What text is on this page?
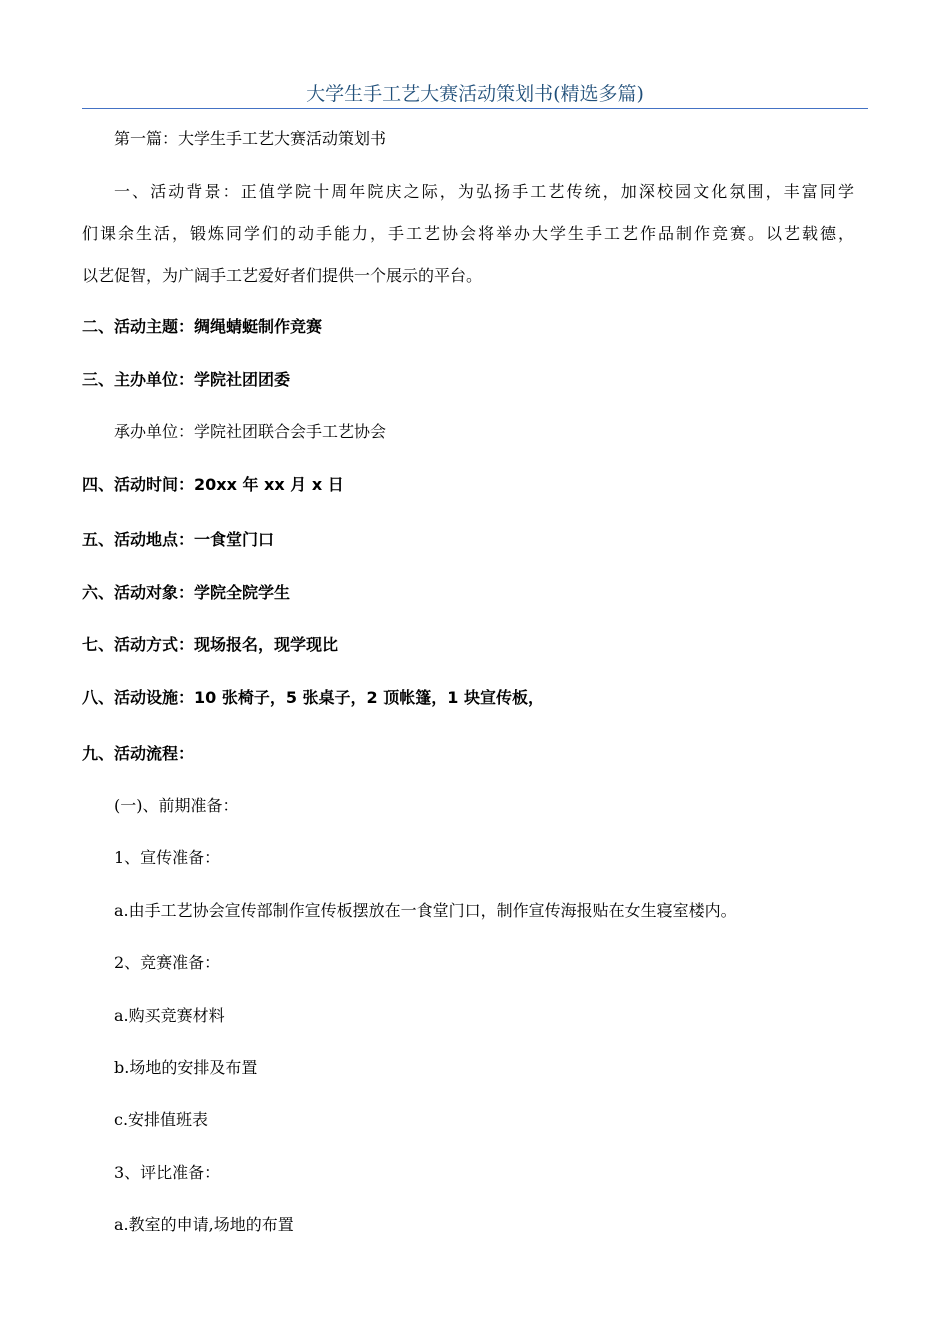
大学生手工艺大赛活动策划书(精选多篇)
第一篇：大学生手工艺大赛活动策划书
一、活动背景：正值学院十周年院庆之际，为弘扬手工艺传统，加深校园文化氛围，丰富同学
们课余生活，锻炼同学们的动手能力，手工艺协会将举办大学生手工艺作品制作竞赛。以艺载德，
以艺促智，为广阔手工艺爱好者们提供一个展示的平台。
二、活动主题：绸绳蜻蜓制作竞赛
三、主办单位：学院社团团委
承办单位：学院社团联合会手工艺协会
四、活动时间：20xx 年 xx 月 x 日
五、活动地点：一食堂门口
六、活动对象：学院全院学生
七、活动方式：现场报名，现学现比
八、活动设施：10 张椅子，5 张桌子，2 顶帐篷，1 块宣传板，
九、活动流程：
(一)、前期准备：
1、宣传准备：
a.由手工艺协会宣传部制作宣传板摆放在一食堂门口，制作宣传海报贴在女生寝室楼内。
2、竞赛准备：
a.购买竞赛材料
b.场地的安排及布置
c.安排值班表
3、评比准备：
a.教室的申请,场地的布置
